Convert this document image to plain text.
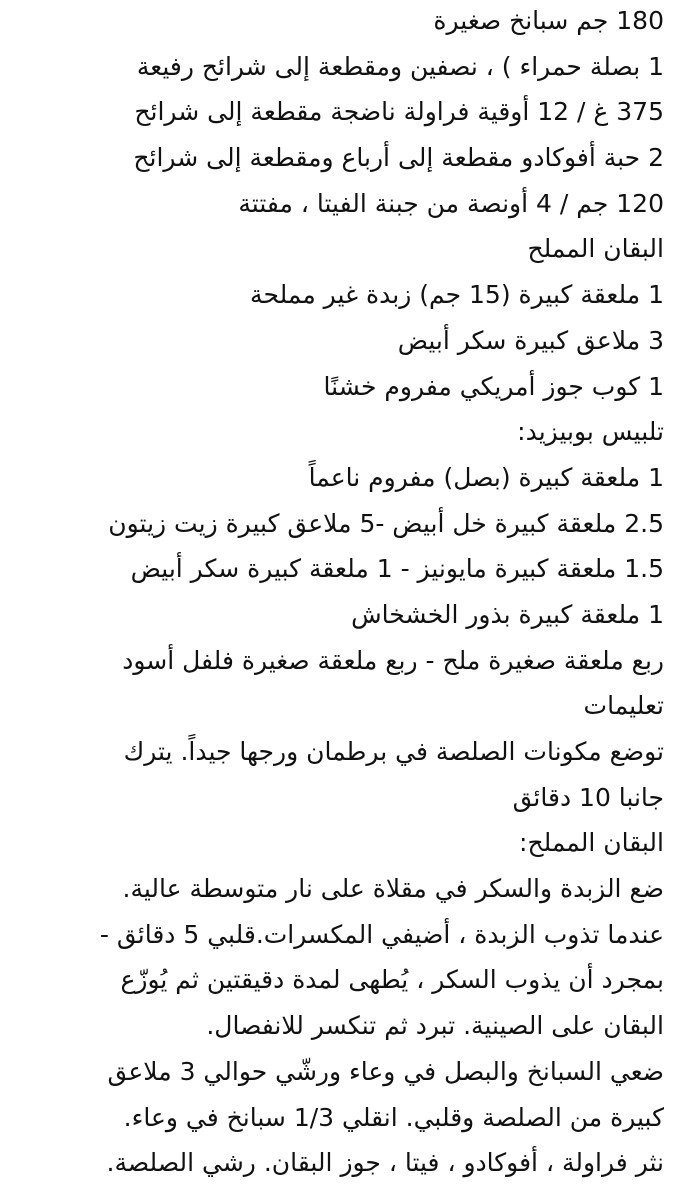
180 جم سبانخ صغيرة
1 بصلة حمراء ) ، نصفين ومقطعة إلى شرائح رفيعة
375 غ / 12 أوقية فراولة ناضجة مقطعة إلى شرائح
2 حبة أفوكادو مقطعة إلى أرباع ومقطعة إلى شرائح
120 جم / 4 أونصة من جبنة الفيتا ، مفتتة
البقان المملح
1 ملعقة كبيرة (15 جم) زبدة غير مملحة
3 ملاعق كبيرة سكر أبيض
1 كوب جوز أمريكي مفروم خشنًا
تلبيس بوبيزيد:
1 ملعقة كبيرة (بصل) مفروم ناعماً
2.5 ملعقة كبيرة خل أبيض -5 ملاعق كبيرة زيت زيتون
1.5 ملعقة كبيرة مايونيز - 1 ملعقة كبيرة سكر أبيض
1 ملعقة كبيرة بذور الخشخاش
ربع ملعقة صغيرة ملح - ربع ملعقة صغيرة فلفل أسود
تعليمات
توضع مكونات الصلصة في برطمان ورجها جيداً. يترك
جانبا 10 دقائق
البقان المملح:
ضع الزبدة والسكر في مقلاة على نار متوسطة عالية.
عندما تذوب الزبدة ، أضيفي المكسرات.قلبي 5 دقائق -
بمجرد أن يذوب السكر ، يُطهى لمدة دقيقتين ثم يُوزّع
البقان على الصينية. تبرد ثم تنكسر للانفصال.
ضعي السبانخ والبصل في وعاء ورشّي حوالي 3 ملاعق
كبيرة من الصلصة وقلبي. انقلي 1/3 سبانخ في وعاء.
نثر فراولة ، أفوكادو ، فيتا ، جوز البقان. رشي الصلصة.
